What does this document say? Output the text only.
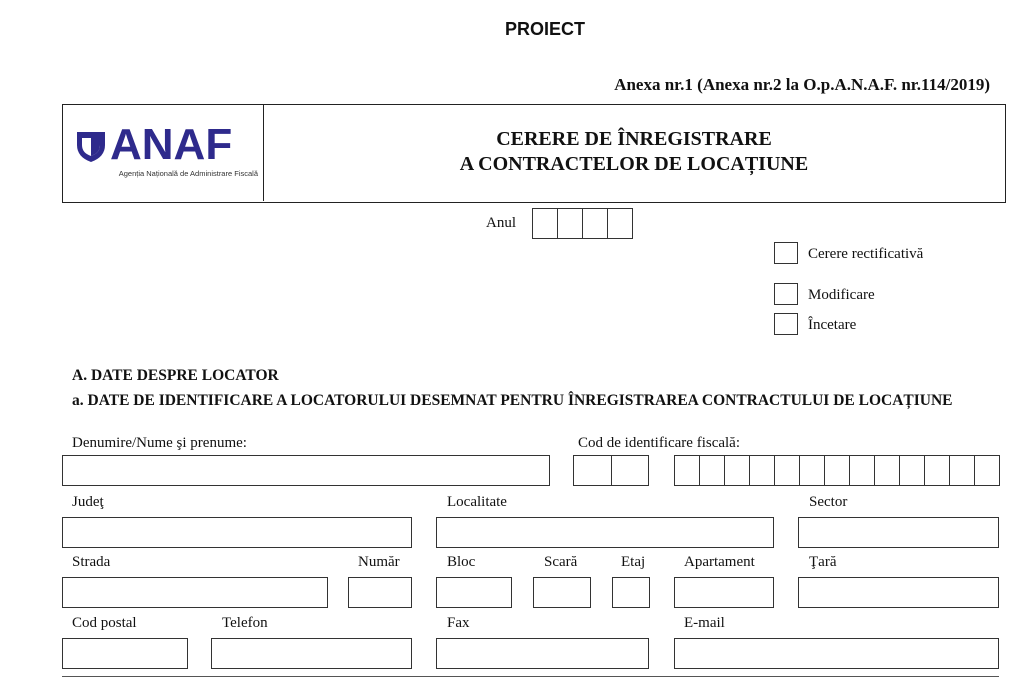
PROIECT
Anexa nr.1 (Anexa nr.2 la O.p.A.N.A.F. nr.114/2019)
ANAF
Agenția Națională de Administrare Fiscală
CERERE DE ÎNREGISTRARE
A CONTRACTELOR DE LOCAȚIUNE
Anul
Cerere rectificativă
Modificare
Încetare
A. DATE DESPRE LOCATOR
a. DATE DE IDENTIFICARE A LOCATORULUI DESEMNAT PENTRU ÎNREGISTRAREA CONTRACTULUI DE LOCAȚIUNE
Denumire/Nume şi prenume:	Cod de identificare fiscală:
Judeţ	Localitate	Sector
Strada	Număr	Bloc	Scară	Etaj	Apartament	Ţară
Cod postal	Telefon	Fax	E-mail
